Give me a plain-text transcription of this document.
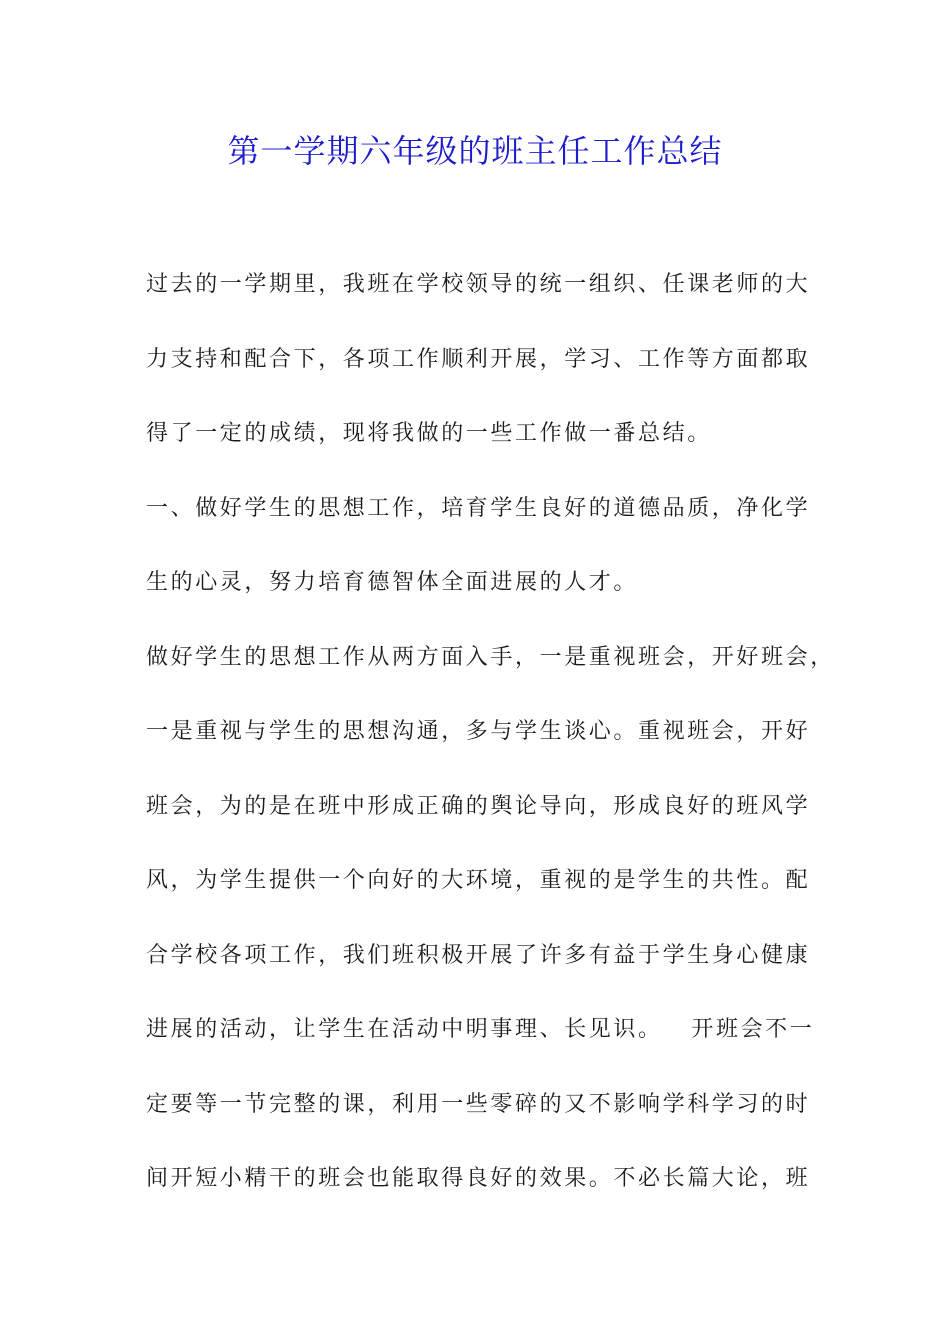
第一学期六年级的班主任工作总结
过去的一学期里，我班在学校领导的统一组织、任课老师的大
力支持和配合下，各项工作顺利开展，学习、工作等方面都取
得了一定的成绩，现将我做的一些工作做一番总结。
一、做好学生的思想工作，培育学生良好的道德品质，净化学
生的心灵，努力培育德智体全面进展的人才。
做好学生的思想工作从两方面入手，一是重视班会，开好班会，
一是重视与学生的思想沟通，多与学生谈心。重视班会，开好
班会，为的是在班中形成正确的舆论导向，形成良好的班风学
风，为学生提供一个向好的大环境，重视的是学生的共性。配
合学校各项工作，我们班积极开展了许多有益于学生身心健康
进展的活动，让学生在活动中明事理、长见识。   开班会不一
定要等一节完整的课，利用一些零碎的又不影响学科学习的时
间开短小精干的班会也能取得良好的效果。不必长篇大论，班
